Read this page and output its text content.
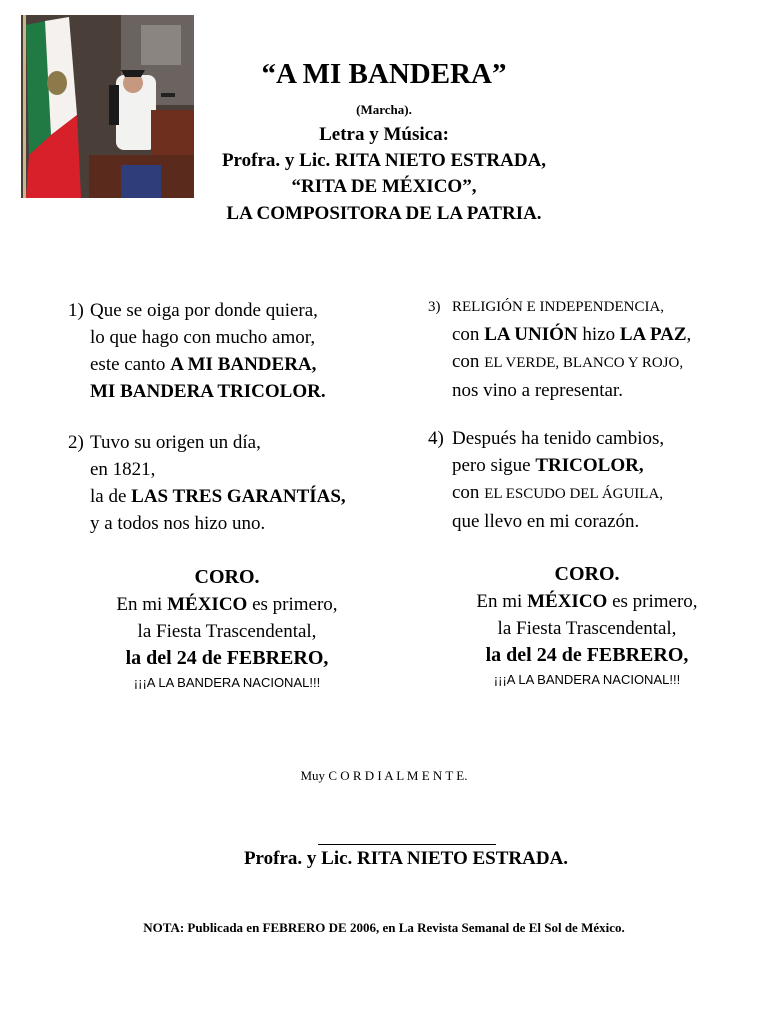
“A MI BANDERA”
(Marcha).
Letra y Música:
Profra. y Lic. RITA NIETO ESTRADA,
“RITA DE MÉXICO”,
LA COMPOSITORA DE LA PATRIA.
1) Que se oiga por donde quiera,
lo que hago con mucho amor,
este canto A MI BANDERA,
MI BANDERA TRICOLOR.
2) Tuvo su origen un día,
en 1821,
la de LAS TRES GARANTÍAS,
y a todos nos hizo uno.
3) RELIGIÓN E INDEPENDENCIA,
con LA UNIÓN hizo LA PAZ,
con EL VERDE, BLANCO Y ROJO,
nos vino a representar.
4) Después ha tenido cambios,
pero sigue TRICOLOR,
con EL ESCUDO DEL ÁGUILA,
que llevo en mi corazón.
CORO.
En mi MÉXICO es primero,
la Fiesta Trascendental,
la del 24 de FEBRERO,
¡¡¡A LA BANDERA NACIONAL!!!
CORO.
En mi MÉXICO es primero,
la Fiesta Trascendental,
la del 24 de FEBRERO,
¡¡¡A LA BANDERA NACIONAL!!!
Muy C O R D I A L M E N T E.
Profra. y Lic. RITA NIETO ESTRADA.
NOTA: Publicada en FEBRERO DE 2006, en La Revista Semanal de El Sol de México.
